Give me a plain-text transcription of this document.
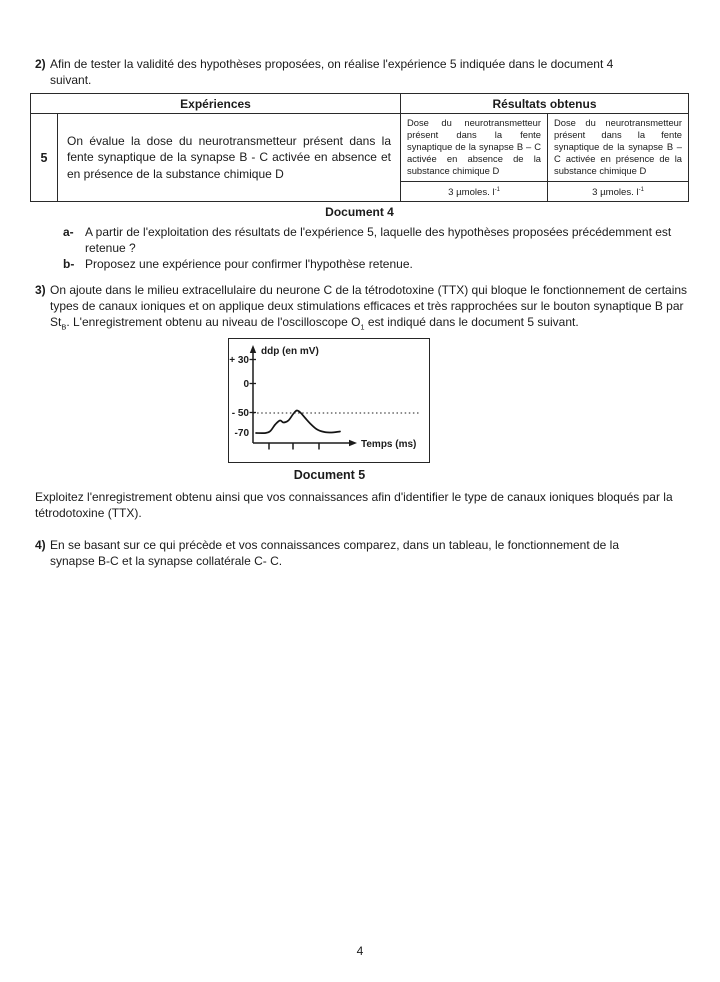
2) Afin de tester la validité des hypothèses proposées, on réalise l'expérience 5 indiquée dans le document 4 suivant.
Expériences		Résultats obtenus	
5	On évalue la dose du neurotransmetteur présent dans la fente synaptique de la synapse B - C activée en absence et en présence de la substance chimique D	Dose du neurotransmetteur présent dans la fente synaptique de la synapse B – C activée en absence de la substance chimique D	Dose du neurotransmetteur présent dans la fente synaptique de la synapse B – C activée en présence de la substance chimique D
		3 µmoles. $l^{-1}$	3 µmoles. $l^{-1}$
Document 4
a- A partir de l'exploitation des résultats de l'expérience 5, laquelle des hypothèses proposées précédemment est retenue ?
b- Proposez une expérience pour confirmer l'hypothèse retenue.
3) On ajoute dans le milieu extracellulaire du neurone C de la tétrodotoxine (TTX) qui bloque le fonctionnement de certains types de canaux ioniques et on applique deux stimulations efficaces et très rapprochées sur le bouton synaptique B par $St_B$. L'enregistrement obtenu au niveau de l'oscilloscope $O_1$ est indiqué dans le document 5 suivant.
ddp (en mV)
Temps (ms)
+ 30
0
- 50
-70
Document 5
Exploitez l'enregistrement obtenu ainsi que vos connaissances afin d'identifier le type de canaux ioniques bloqués par la tétrodotoxine (TTX).
4) En se basant sur ce qui précède et vos connaissances comparez, dans un tableau, le fonctionnement de la synapse B-C et la synapse collatérale C- C.
4
